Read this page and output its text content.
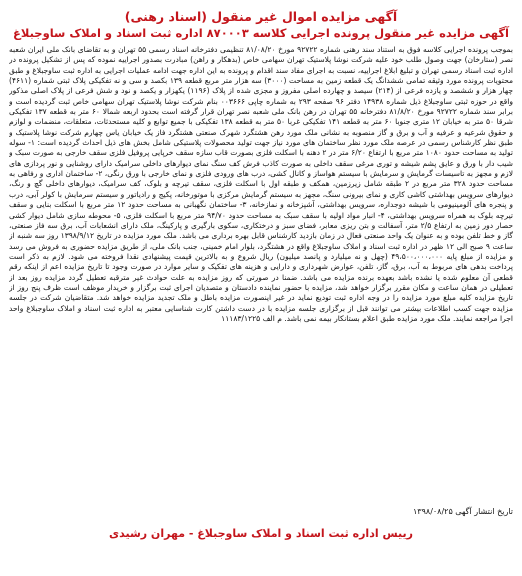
آگهی مزایده اموال غیر منقول (اسناد رهنی)
آگهی مزایده غیر منقول پرونده اجرایی کلاسه ۸۷۰۰۰۳ اداره ثبت اسناد و املاک ساوجبلاغ

بموجب پرونده اجرایی کلاسه فوق به استناد سند رهنی شماره ۹۲۷۲۲ مورخ ۸۱/۰۸/۲۰ تنظیمی دفترخانه اسناد رسمی ۵۵ تهران و به تقاضای بانک ملی ایران شعبه نصر (ستارخان) جهت وصول طلب خود علیه شرکت نوشا پلاستیک تهران سهامی خاص (بدهکار و راهن) مبادرت بصدور اجراییه نموده که پس از تشکیل پرونده در اداره ثبت اسناد رسمی تهران و تبلیغ ابلاغ اجراییه، نسبت به اجرای مفاد سند اقدام و پرونده به این اداره جهت ادامه عملیات اجرایی به اداره ثبت ساوجبلاغ و طبق محتویات پرونده مورد وثیقه تمامی ششدانگ یک قطعه زمین به مساحت (۳۰۰۰) سه هزار متر مربع قطعه ۱۳۹ بکصد و سی و نه تفکیکی پلاک ثبتی شماره (۴۶۱۱) چهار هزار و ششصد و یازده فرعی از (۲۱۴) سیصد و چهارده اصلی مفروز و مجزی شده از پلاک (۱۱۹۶) یکهزار و یکصد و نود و شش فرعی از پلاک اصلی مذکور واقع در حوزه ثبتی ساوجبلاغ ذیل شماره ۱۴۹۳۸ دفتر ۹۶ صفحه ۲۹۳ به شماره چاپی ۰۰۳۶۶۶ بنام شرکت نوشا پلاستیک تهران سهامی خاص ثبت گردیده است و برابر سند شماره ۹۲۷۲۲ مورخ ۸۱/۸/۲۰ دفترخانه ۵۵ تهران در رهن بانک ملی شعبه نصر تهران قرار گرفته است بحدود اربعه شمالا ۶۰ متر به قطعه ۱۳۷ تفکیکی شرقا ۵۰ متر به خیابان ۱۲ متری جنوبا ۶۰ متر به قطعه ۱۴۱ تفکیکی غربا ۵۰ متر به قطعه ۱۳۸ تفکیکی با جمیع توابع و کلیه مستحدثات، متعلقات، منضمات و لوازم و حقوق شرعیه و عرفیه و آب و برق و گاز منصوبه به نشانی ملک مورد رهن هشتگرد شهرک صنعتی هشتگرد فاز یک خیابان یاس چهارم شرکت نوشا پلاستیک و طبق نظر کارشناس رسمی در عرصه ملک مورد نظر ساختمان های مورد نیاز جهت تولید محصولات پلاستیکی شامل بخش های ذیل احداث گردیده است: ۱- سوله تولید به مساحت حدود ۱۰۸۰ متر مربع با ارتفاع ۶/۲۰ متر در ۲ دهنه با اسکلت فلزی بصورت قاب سازه سقف خرپایی پروفیل فلزی سقف خارجی به صورت سبک و شیب دار با ورق و عایق پشم شیشه و توری مرغی سقف داخلی به صورت کاذب فرش کف سنگ نمای دیوارهای داخلی سرامیک دارای روشنایی و نور پردازی های لازم و مجهز به تاسیسات گرمایش و سرمایش با سیستم هواساز و کانال کشی، درب های ورودی فلزی و نمای خارجی با ورق رنگی، ۲- ساختمان اداری و رفاهی به مساحت حدود ۳۲۸ متر مربع در ۲ طبقه شامل زیرزمین، همکف و طبقه اول با اسکلت فلزی، سقف تیرچه و بلوک، کف سرامیک، دیوارهای داخلی گچ و رنگ، دیوارهای سرویس بهداشتی کاشی کاری و نمای بیرونی سنگ، مجهز به سیستم گرمایش مرکزی با موتورخانه، پکیج و رادیاتور و سیستم سرمایش با کولر آبی، درب و پنجره های آلومینیومی با شیشه دوجداره، سرویس بهداشتی، آشپزخانه و نمازخانه، ۳- ساختمان نگهبانی به مساحت حدود ۱۲ متر مربع با اسکلت بنایی و سقف تیرچه بلوک به همراه سرویس بهداشتی، ۴- انبار مواد اولیه با سقف سبک به مساحت حدود ۹۴/۷۰ متر مربع با اسکلت فلزی، ۵- محوطه سازی شامل دیوار کشی حصار دور زمین به ارتفاع ۲/۵ متر، آسفالت و بتن ریزی معابر، فضای سبز و درختکاری، سکوی بارگیری و پارکینگ، ملک دارای انشعابات آب، برق سه فاز صنعتی، گاز و خط تلفن بوده و به عنوان یک واحد صنعتی فعال در زمان بازدید کارشناس قابل بهره برداری می باشد. ملک مورد مزایده در تاریخ ۱۳۹۸/۹/۱۲ روز سه شنبه از ساعت ۹ صبح الی ۱۲ ظهر در اداره ثبت اسناد و املاک ساوجبلاغ واقع در هشتگرد، بلوار امام خمینی، جنب بانک ملی، از طریق مزایده حضوری به فروش می رسد و مزایده از مبلغ پایه ۴۹،۵۰۰،۰۰۰،۰۰۰ (چهل و نه میلیارد و پانصد میلیون) ریال شروع و به بالاترین قیمت پیشنهادی نقدا فروخته می شود. لازم به ذکر است پرداخت بدهی های مربوط به آب، برق، گاز، تلفن، عوارض شهرداری و دارایی و هزینه های تفکیک و سایر موارد در صورت وجود تا تاریخ مزایده اعم از اینکه رقم قطعی آن معلوم شده یا نشده باشد بعهده برنده مزایده می باشد. ضمنا در صورتی که روز مزایده به علت حوادث غیر مترقبه تعطیل گردد مزایده روز بعد از تعطیلی در همان ساعت و مکان مقرر برگزار خواهد شد، مزایده با حضور نماینده دادستان و متصدیان اجرای ثبت برگزار و خریدار موظف است ظرف پنج روز از تاریخ مزایده کلیه مبلغ مورد مزایده را در وجه اداره ثبت تودیع نماید در غیر اینصورت مزایده باطل و ملک تجدید مزایده خواهد شد. متقاضیان شرکت در جلسه مزایده جهت کسب اطلاعات بیشتر می توانند قبل از برگزاری جلسه مزایده با در دست داشتن کارت شناسایی معتبر به اداره ثبت اسناد و املاک ساوجبلاغ واحد اجرا مراجعه نمایند. ملک مورد مزایده طبق اعلام بستانکار بیمه نمی باشد. م الف ۱۱۱۸۳/۱۲۲۵

تاریخ انتشار آگهی ۱۳۹۸/۰۸/۲۵
رییس اداره ثبت اسناد و املاک ساوجبلاغ - مهران رشیدی
